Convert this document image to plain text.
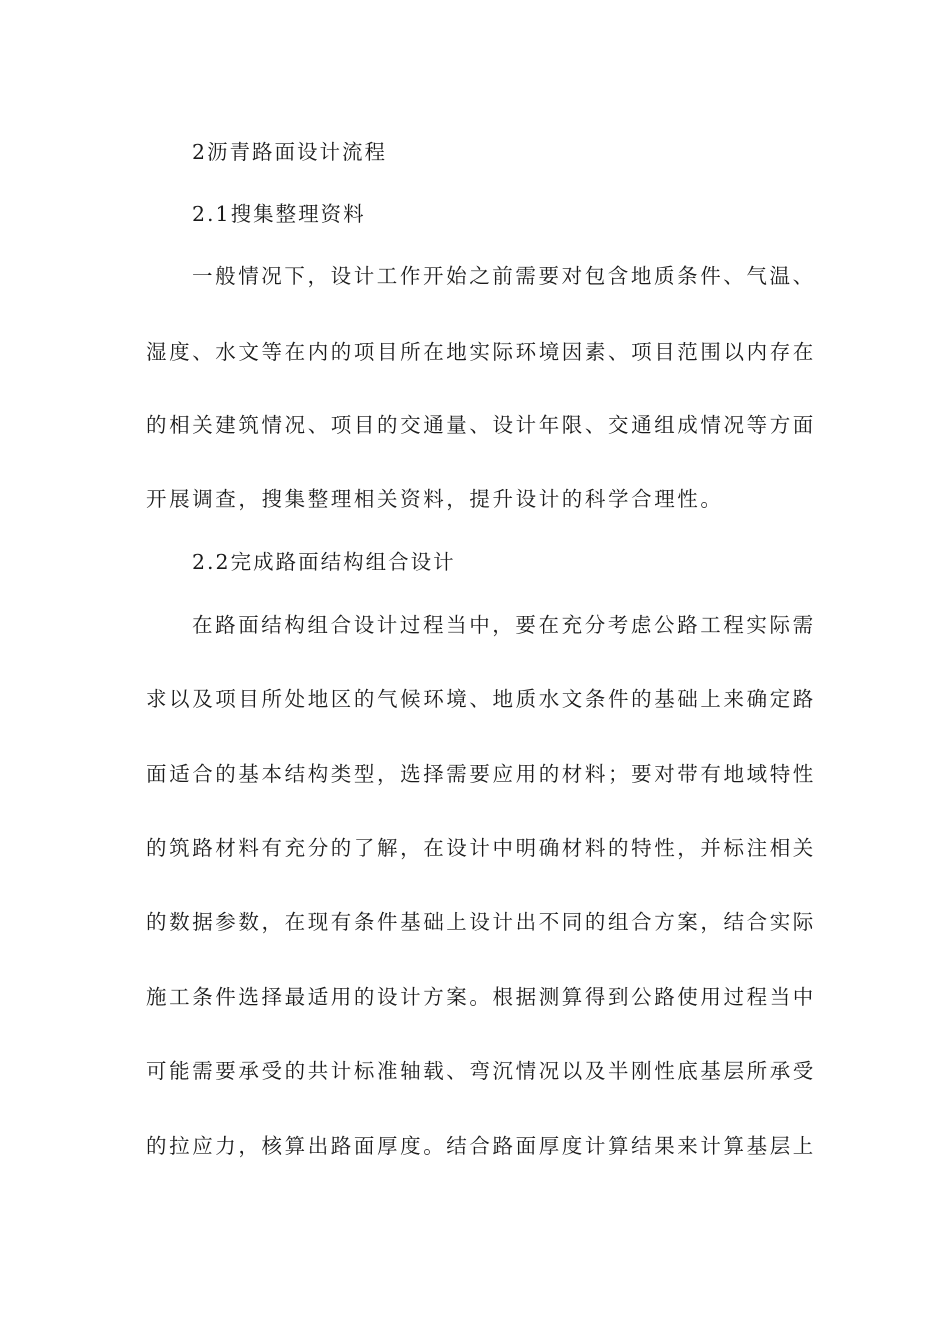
2沥青路面设计流程
2.1搜集整理资料
一般情况下，设计工作开始之前需要对包含地质条件、气温、
湿度、水文等在内的项目所在地实际环境因素、项目范围以内存在
的相关建筑情况、项目的交通量、设计年限、交通组成情况等方面
开展调查，搜集整理相关资料，提升设计的科学合理性。
2.2完成路面结构组合设计
在路面结构组合设计过程当中，要在充分考虑公路工程实际需
求以及项目所处地区的气候环境、地质水文条件的基础上来确定路
面适合的基本结构类型，选择需要应用的材料；要对带有地域特性
的筑路材料有充分的了解，在设计中明确材料的特性，并标注相关
的数据参数，在现有条件基础上设计出不同的组合方案，结合实际
施工条件选择最适用的设计方案。根据测算得到公路使用过程当中
可能需要承受的共计标准轴载、弯沉情况以及半刚性底基层所承受
的拉应力，核算出路面厚度。结合路面厚度计算结果来计算基层上
